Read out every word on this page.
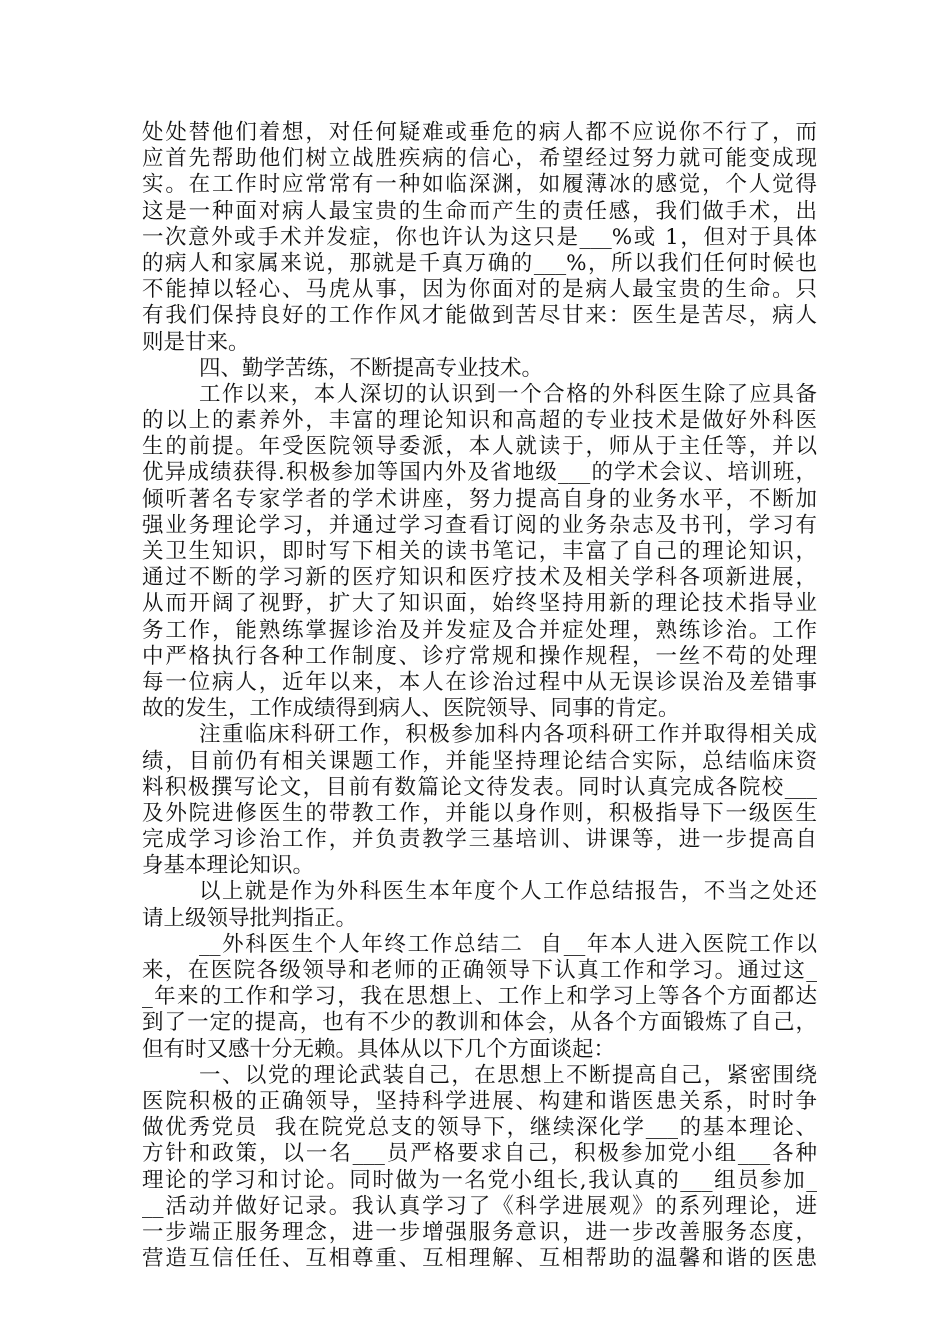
处处替他们着想，对任何疑难或垂危的病人都不应说你不行了，而
应首先帮助他们树立战胜疾病的信心，希望经过努力就可能变成现
实。在工作时应常常有一种如临深渊，如履薄冰的感觉，个人觉得
这是一种面对病人最宝贵的生命而产生的责任感，我们做手术，出
一次意外或手术并发症，你也许认为这只是___%或 1，但对于具体
的病人和家属来说，那就是千真万确的___%，所以我们任何时候也
不能掉以轻心、马虎从事，因为你面对的是病人最宝贵的生命。只
有我们保持良好的工作作风才能做到苦尽甘来：医生是苦尽，病人
则是甘来。
四、勤学苦练，不断提高专业技术。
工作以来，本人深切的认识到一个合格的外科医生除了应具备
的以上的素养外，丰富的理论知识和高超的专业技术是做好外科医
生的前提。年受医院领导委派，本人就读于，师从于主任等，并以
优异成绩获得.积极参加等国内外及省地级___的学术会议、培训班，
倾听著名专家学者的学术讲座，努力提高自身的业务水平，不断加
强业务理论学习，并通过学习查看订阅的业务杂志及书刊，学习有
关卫生知识，即时写下相关的读书笔记，丰富了自己的理论知识，
通过不断的学习新的医疗知识和医疗技术及相关学科各项新进展，
从而开阔了视野，扩大了知识面，始终坚持用新的理论技术指导业
务工作，能熟练掌握诊治及并发症及合并症处理，熟练诊治。工作
中严格执行各种工作制度、诊疗常规和操作规程，一丝不苟的处理
每一位病人，近年以来，本人在诊治过程中从无误诊误治及差错事
故的发生，工作成绩得到病人、医院领导、同事的肯定。
注重临床科研工作，积极参加科内各项科研工作并取得相关成
绩，目前仍有相关课题工作，并能坚持理论结合实际，总结临床资
料积极撰写论文，目前有数篇论文待发表。同时认真完成各院校___
及外院进修医生的带教工作，并能以身作则，积极指导下一级医生
完成学习诊治工作，并负责教学三基培训、讲课等，进一步提高自
身基本理论知识。
以上就是作为外科医生本年度个人工作总结报告，不当之处还
请上级领导批判指正。
__外科医生个人年终工作总结二  自__年本人进入医院工作以
来，在医院各级领导和老师的正确领导下认真工作和学习。通过这_
_年来的工作和学习，我在思想上、工作上和学习上等各个方面都达
到了一定的提高，也有不少的教训和体会，从各个方面锻炼了自己，
但有时又感十分无赖。具体从以下几个方面谈起：
一、以党的理论武装自己，在思想上不断提高自己，紧密围绕
医院积极的正确领导，坚持科学进展、构建和谐医患关系，时时争
做优秀党员  我在院党总支的领导下，继续深化学___的基本理论、
方针和政策，以一名___员严格要求自己，积极参加党小组___各种
理论的学习和讨论。同时做为一名党小组长,我认真的___组员参加_
__活动并做好记录。我认真学习了《科学进展观》的系列理论，进
一步端正服务理念，进一步增强服务意识，进一步改善服务态度，
营造互信任任、互相尊重、互相理解、互相帮助的温馨和谐的医患
